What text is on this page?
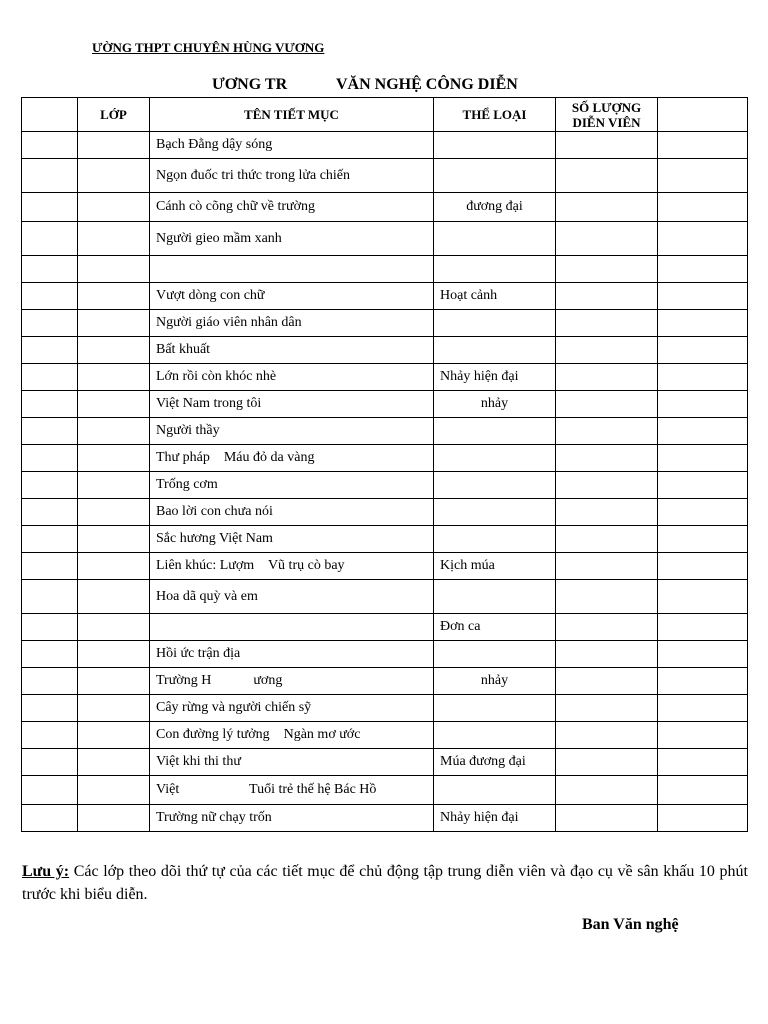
ƯỜNG THPT CHUYÊN HÙNG VƯƠNG
ƯƠNG TR	VĂN NGHỆ CÔNG DIỄN
	LỚP	TÊN TIẾT MỤC	THỂ LOẠI	SỐ LƯỢNG DIỄN VIÊN	
		Bạch Đằng dậy sóng			
		Ngọn đuốc tri thức trong lửa chiến			
		Cánh cò cõng chữ về trường	đương đại		
		Người gieo mầm xanh			

		Vượt dòng con chữ	Hoạt cảnh		
		Người giáo viên nhân dân			
		Bất khuất			
		Lớn rồi còn khóc nhè	Nhảy hiện đại		
		Việt Nam trong tôi	nhảy		
		Người thầy			
		Thư pháp    Máu đỏ da vàng			
		Trống cơm			
		Bao lời con chưa nói			
		Sắc hương Việt Nam			
		Liên khúc: Lượm    Vũ trụ cò bay	Kịch múa		
		Hoa dã quỳ và em			
			Đơn ca		
		Hồi ức trận địa			
		Trường H            ương	nhảy		
		Cây rừng và người chiến sỹ			
		Con đường lý tưởng    Ngàn mơ ước			
		Việt khi thi thư	Múa đương đại		
		Việt                    Tuổi trẻ thế hệ Bác Hồ			
		Trường nữ chạy trốn	Nhảy hiện đại		
Lưu ý: Các lớp theo dõi thứ tự của các tiết mục để chủ động tập trung diễn viên và đạo cụ về sân khấu 10 phút trước khi biểu diễn.
Ban Văn nghệ
